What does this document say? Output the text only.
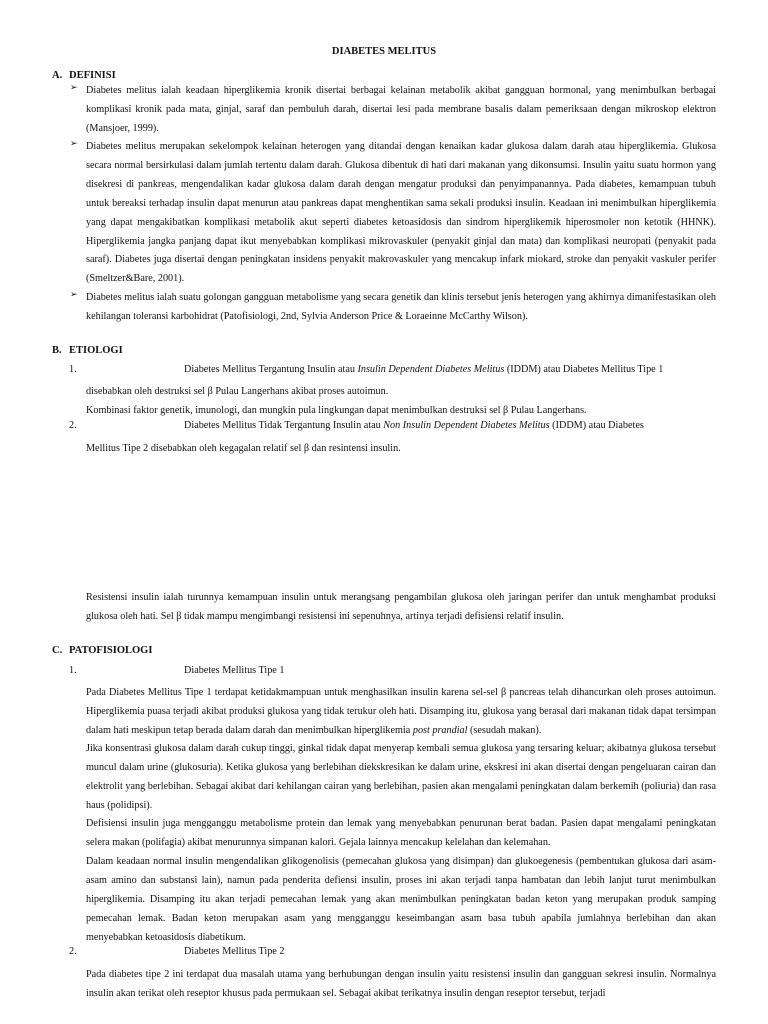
DIABETES MELITUS
A. DEFINISI
➢ Diabetes melitus ialah keadaan hiperglikemia kronik disertai berbagai kelainan metabolik akibat gangguan hormonal, yang menimbulkan berbagai komplikasi kronik pada mata, ginjal, saraf dan pembuluh darah, disertai lesi pada membrane basalis dalam pemeriksaan dengan mikroskop elektron (Mansjoer, 1999).
➢ Diabetes melitus merupakan sekelompok kelainan heterogen yang ditandai dengan kenaikan kadar glukosa dalam darah atau hiperglikemia. Glukosa secara normal bersirkulasi dalam jumlah tertentu dalam darah. Glukosa dibentuk di hati dari makanan yang dikonsumsi. Insulin yaitu suatu hormon yang disekresi di pankreas, mengendalikan kadar glukosa dalam darah dengan mengatur produksi dan penyimpanannya. Pada diabetes, kemampuan tubuh untuk bereaksi terhadap insulin dapat menurun atau pankreas dapat menghentikan sama sekali produksi insulin. Keadaan ini menimbulkan hiperglikemia yang dapat mengakibatkan komplikasi metabolik akut seperti diabetes ketoasidosis dan sindrom hiperglikemik hiperosmoler non ketotik (HHNK). Hiperglikemia jangka panjang dapat ikut menyebabkan komplikasi mikrovaskuler (penyakit ginjal dan mata) dan komplikasi neuropati (penyakit pada saraf). Diabetes juga disertai dengan peningkatan insidens penyakit makrovaskuler yang mencakup infark miokard, stroke dan penyakit vaskuler perifer (Smeltzer&Bare, 2001).
➢ Diabetes melitus ialah suatu golongan gangguan metabolisme yang secara genetik dan klinis tersebut jenis heterogen yang akhirnya dimanifestasikan oleh kehilangan toleransi karbohidrat (Patofisiologi, 2nd, Sylvia Anderson Price & Loraeinne McCarthy Wilson).
B. ETIOLOGI
1.	Diabetes Mellitus Tergantung Insulin atau Insulin Dependent Diabetes Melitus (IDDM) atau Diabetes Mellitus Tipe 1
disebabkan oleh destruksi sel β Pulau Langerhans akibat proses autoimun.
Kombinasi faktor genetik, imunologi, dan mungkin pula lingkungan dapat menimbulkan destruksi sel β Pulau Langerhans.
2.	Diabetes Mellitus Tidak Tergantung Insulin atau Non Insulin Dependent Diabetes Melitus (IDDM) atau Diabetes
Mellitus Tipe 2 disebabkan oleh kegagalan relatif sel β dan resintensi insulin.
Resistensi insulin ialah turunnya kemampuan insulin untuk merangsang pengambilan glukosa oleh jaringan perifer dan untuk menghambat produksi glukosa oleh hati. Sel β tidak mampu mengimbangi resistensi ini sepenuhnya, artinya terjadi defisiensi relatif insulin.
C. PATOFISIOLOGI
1.	Diabetes Mellitus Tipe 1
Pada Diabetes Mellitus Tipe 1 terdapat ketidakmampuan untuk menghasilkan insulin karena sel-sel β pancreas telah dihancurkan oleh proses autoimun. Hiperglikemia puasa terjadi akibat produksi glukosa yang tidak terukur oleh hati. Disamping itu, glukosa yang berasal dari makanan tidak dapat tersimpan dalam hati meskipun tetap berada dalam darah dan menimbulkan hiperglikemia post prandial (sesudah makan).
Jika konsentrasi glukosa dalam darah cukup tinggi, ginkal tidak dapat menyerap kembali semua glukosa yang tersaring keluar; akibatnya glukosa tersebut muncul dalam urine (glukosuria). Ketika glukosa yang berlebihan diekskresikan ke dalam urine, ekskresi ini akan disertai dengan pengeluaran cairan dan elektrolit yang berlebihan. Sebagai akibat dari kehilangan cairan yang berlebihan, pasien akan mengalami peningkatan dalam berkemih (poliuria) dan rasa haus (polidipsi).
Defisiensi insulin juga mengganggu metabolisme protein dan lemak yang menyebabkan penurunan berat badan. Pasien dapat mengalami peningkatan selera makan (polifagia) akibat menurunnya simpanan kalori. Gejala lainnya mencakup kelelahan dan kelemahan.
Dalam keadaan normal insulin mengendalikan glikogenolisis (pemecahan glukosa yang disimpan) dan glukoegenesis (pembentukan glukosa dari asam-asam amino dan substansi lain), namun pada penderita defiensi insulin, proses ini akan terjadi tanpa hambatan dan lebih lanjut turut menimbulkan hiperglikemia. Disamping itu akan terjadi pemecahan lemak yang akan menimbulkan peningkatan badan keton yang merupakan produk samping pemecahan lemak. Badan keton merupakan asam yang mengganggu keseimbangan asam basa tubuh apabila jumlahnya berlebihan dan akan menyebabkan ketoasidosis diabetikum.
2.	Diabetes Mellitus Tipe 2
Pada diabetes tipe 2 ini terdapat dua masalah utama yang berhubungan dengan insulin yaitu resistensi insulin dan gangguan sekresi insulin. Normalnya insulin akan terikat oleh reseptor khusus pada permukaan sel. Sebagai akibat terikatnya insulin dengan reseptor tersebut, terjadi
